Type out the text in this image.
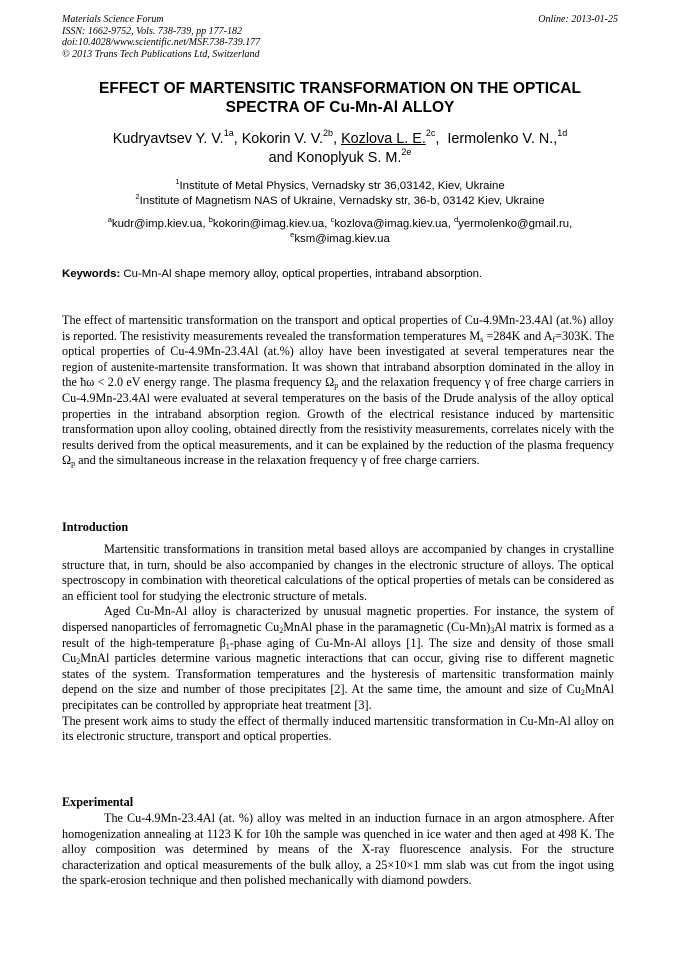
Materials Science Forum
ISSN: 1662-9752, Vols. 738-739, pp 177-182
doi:10.4028/www.scientific.net/MSF.738-739.177
© 2013 Trans Tech Publications Ltd, Switzerland
Online: 2013-01-25
EFFECT OF MARTENSITIC TRANSFORMATION ON THE OPTICAL
SPECTRA OF Cu-Mn-Al ALLOY
Kudryavtsev Y. V.$^{1a}$, Kokorin V. V.$^{2b}$, Kozlova L. E.$^{2c}$,  Iermolenko V. N.,$^{1d}$
and Konoplyuk S. M.$^{2e}$
$^1$Institute of Metal Physics, Vernadsky str 36,03142, Kiev, Ukraine
$^2$Institute of Magnetism NAS of Ukraine, Vernadsky str, 36-b, 03142 Kiev, Ukraine
$^a$kudr@imp.kiev.ua, $^b$kokorin@imag.kiev.ua, $^c$kozlova@imag.kiev.ua, $^d$yermolenko@gmail.ru,
$^e$ksm@imag.kiev.ua
Keywords: Cu-Mn-Al shape memory alloy, optical properties, intraband absorption.

The effect of martensitic transformation on the transport and optical properties of Cu-4.9Mn-23.4Al (at.%) alloy is reported. The resistivity measurements revealed the transformation temperatures $M_s =284K$ and $A_f=303K$. The optical properties of Cu-4.9Mn-23.4Al (at.%) alloy have been investigated at several temperatures near the region of austenite-martensite transformation. It was shown that intraband absorption dominated in the alloy in the ħω < 2.0 eV energy range. The plasma frequency $\Omega_p$ and the relaxation frequency γ of free charge carriers in Cu-4.9Mn-23.4Al were evaluated at several temperatures on the basis of the Drude analysis of the alloy optical properties in the intraband absorption region. Growth of the electrical resistance induced by martensitic transformation upon alloy cooling, obtained directly from the resistivity measurements, correlates nicely with the results derived from the optical measurements, and it can be explained by the reduction of the plasma frequency $\Omega_p$ and the simultaneous increase in the relaxation frequency γ of free charge carriers.

Introduction

Martensitic transformations in transition metal based alloys are accompanied by changes in crystalline structure that, in turn, should be also accompanied by changes in the electronic structure of alloys. The optical spectroscopy in combination with theoretical calculations of the optical properties of metals can be considered as an efficient tool for studying the electronic structure of metals.

Aged Cu-Mn-Al alloy is characterized by unusual magnetic properties. For instance, the system of dispersed nanoparticles of ferromagnetic $Cu_2MnAl$ phase in the paramagnetic $(Cu-Mn)_3Al$ matrix is formed as a result of the high-temperature $\beta_1$-phase aging of Cu-Mn-Al alloys [1]. The size and density of those small $Cu_2MnAl$ particles determine various magnetic interactions that can occur, giving rise to different magnetic states of the system. Transformation temperatures and the hysteresis of martensitic transformation mainly depend on the size and number of those precipitates [2]. At the same time, the amount and size of $Cu_2MnAl$ precipitates can be controlled by appropriate heat treatment [3].

The present work aims to study the effect of thermally induced martensitic transformation in Cu-Mn-Al alloy on its electronic structure, transport and optical properties.

Experimental

The Cu-4.9Mn-23.4Al (at. %) alloy was melted in an induction furnace in an argon atmosphere. After homogenization annealing at 1123 K for 10h the sample was quenched in ice water and then aged at 498 K. The alloy composition was determined by means of the X-ray fluorescence analysis. For the structure characterization and optical measurements of the bulk alloy, a 25×10×1 mm slab was cut from the ingot using the spark-erosion technique and then polished mechanically with diamond powders.
